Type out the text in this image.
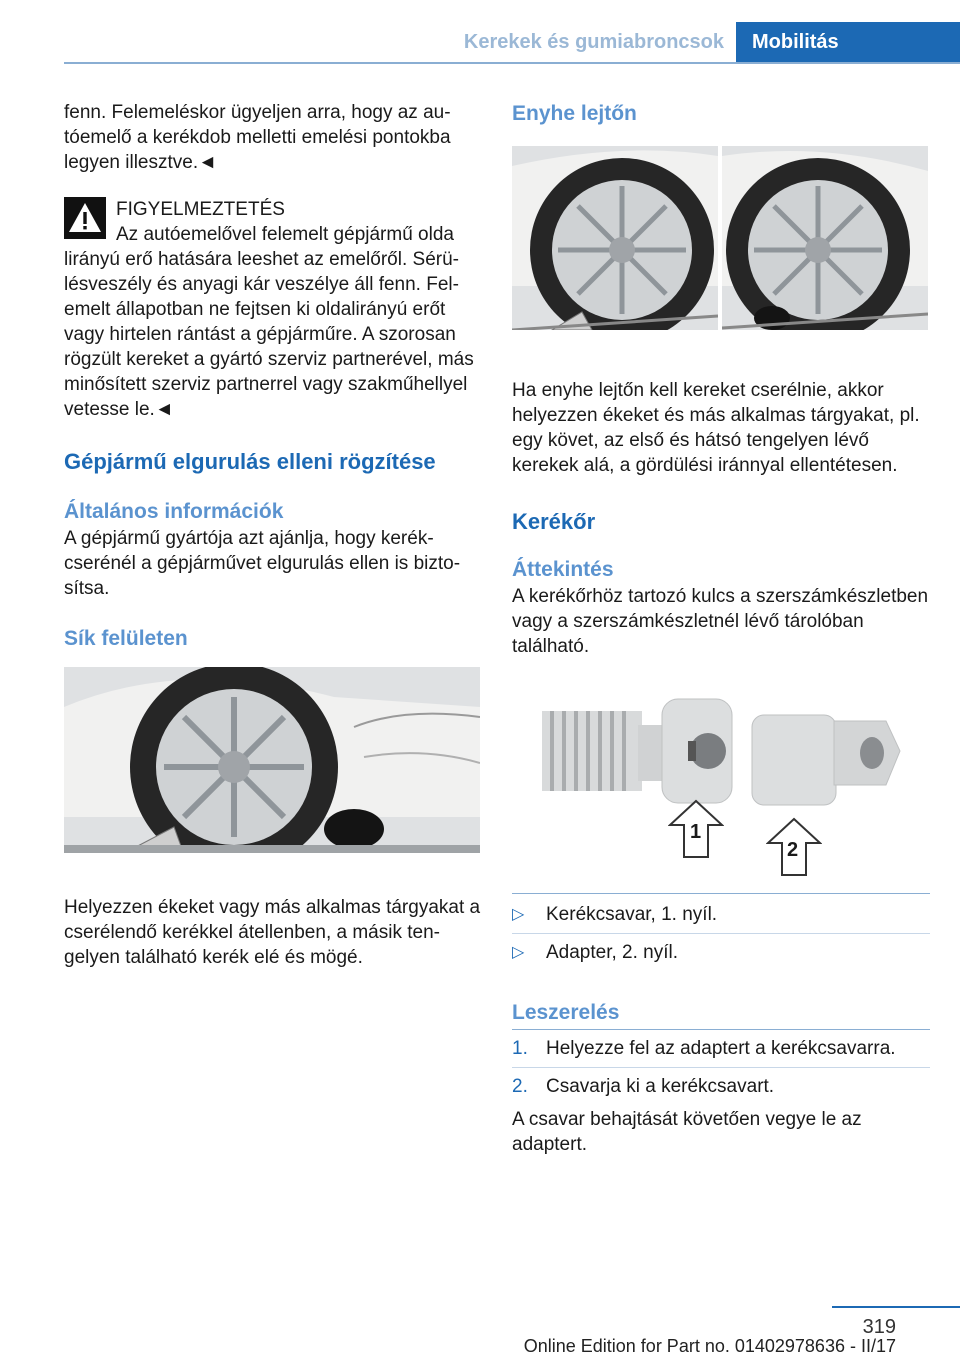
Kerekek és gumiabroncsok	Mobilitás

fenn. Felemeléskor ügyeljen arra, hogy az autóemelő a kerékdob melletti emelési pontokba legyen illesztve.◄

FIGYELMEZTETÉS

Az autóemelővel felemelt gépjármű olda

lirányú erő hatására leeshet az emelőről. Sérülésveszély és anyagi kár veszélye áll fenn. Felemelt állapotban ne fejtsen ki oldalirányú erőt vagy hirtelen rántást a gépjárműre. A szorosan rögzült kereket a gyártó szerviz partnerével, más minősített szerviz partnerrel vagy szakműhellyel vetesse le.◄

Gépjármű elgurulás elleni rögzítése
Általános információk

A gépjármű gyártója azt ajánlja, hogy kerékcserénél a gépjárművet elgurulás ellen is biztosítsa.

Sík felületen

Helyezzen ékeket vagy más alkalmas tárgyakat a cserélendő kerékkel átellenben, a másik tengelyen található kerék elé és mögé.

Enyhe lejtőn

Ha enyhe lejtőn kell kereket cserélnie, akkor helyezzen ékeket és más alkalmas tárgyakat, pl. egy követ, az első és hátsó tengelyen lévő kerekek alá, a gördülési iránnyal ellentétesen.

Kerékőr
Áttekintés

A kerékőrhöz tartozó kulcs a szerszámkészletben vagy a szerszámkészletnél lévő tárolóban található.

1
2
▷	Kerékcsavar, 1. nyíl.
▷	Adapter, 2. nyíl.
Leszerelés
1. Helyezze fel az adaptert a kerékcsavarra.
2. Csavarja ki a kerékcsavart.

A csavar behajtását követően vegye le az adaptert.

319
Online Edition for Part no. 01402978636 - II/17
